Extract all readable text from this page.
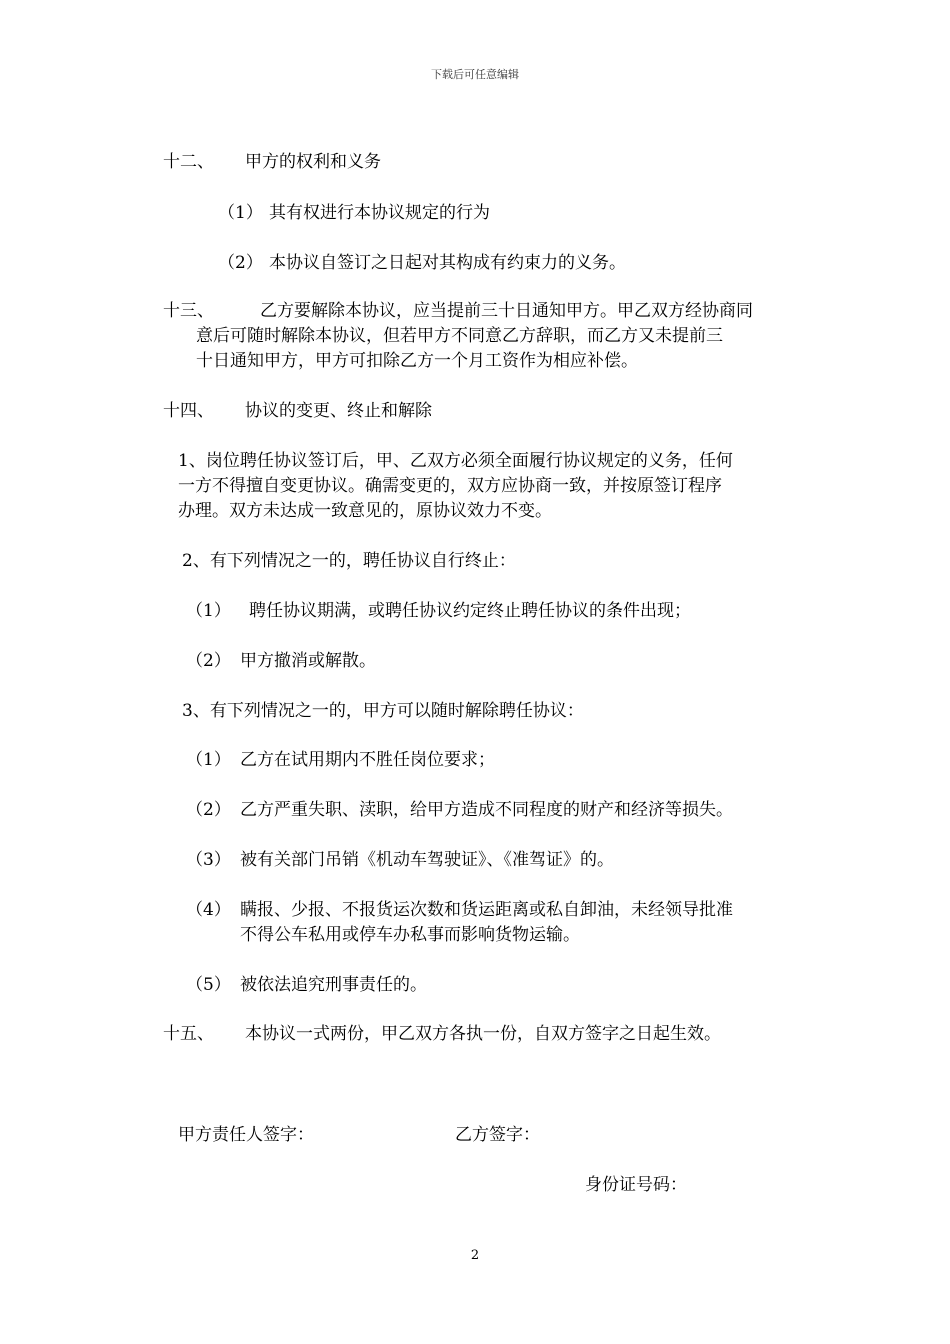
下载后可任意编辑
十二、 甲方的权利和义务
（1） 其有权进行本协议规定的行为
（2） 本协议自签订之日起对其构成有约束力的义务。
十三、	乙方要解除本协议，应当提前三十日通知甲方。甲乙双方经协商同
意后可随时解除本协议，但若甲方不同意乙方辞职，而乙方又未提前三
十日通知甲方，甲方可扣除乙方一个月工资作为相应补偿。
十四、 协议的变更、终止和解除
1、岗位聘任协议签订后，甲、乙双方必须全面履行协议规定的义务，任何
一方不得擅自变更协议。确需变更的，双方应协商一致，并按原签订程序
办理。双方未达成一致意见的，原协议效力不变。
2、有下列情况之一的，聘任协议自行终止：
（1） 聘任协议期满，或聘任协议约定终止聘任协议的条件出现；
（2） 甲方撤消或解散。
3、有下列情况之一的，甲方可以随时解除聘任协议：
（1） 乙方在试用期内不胜任岗位要求；
（2） 乙方严重失职、渎职，给甲方造成不同程度的财产和经济等损失。
（3） 被有关部门吊销《机动车驾驶证》、《准驾证》的。
（4） 瞒报、少报、不报货运次数和货运距离或私自卸油，未经领导批准
不得公车私用或停车办私事而影响货物运输。
（5） 被依法追究刑事责任的。
十五、 本协议一式两份，甲乙双方各执一份，自双方签字之日起生效。
甲方责任人签字：	乙方签字：
身份证号码：
2
